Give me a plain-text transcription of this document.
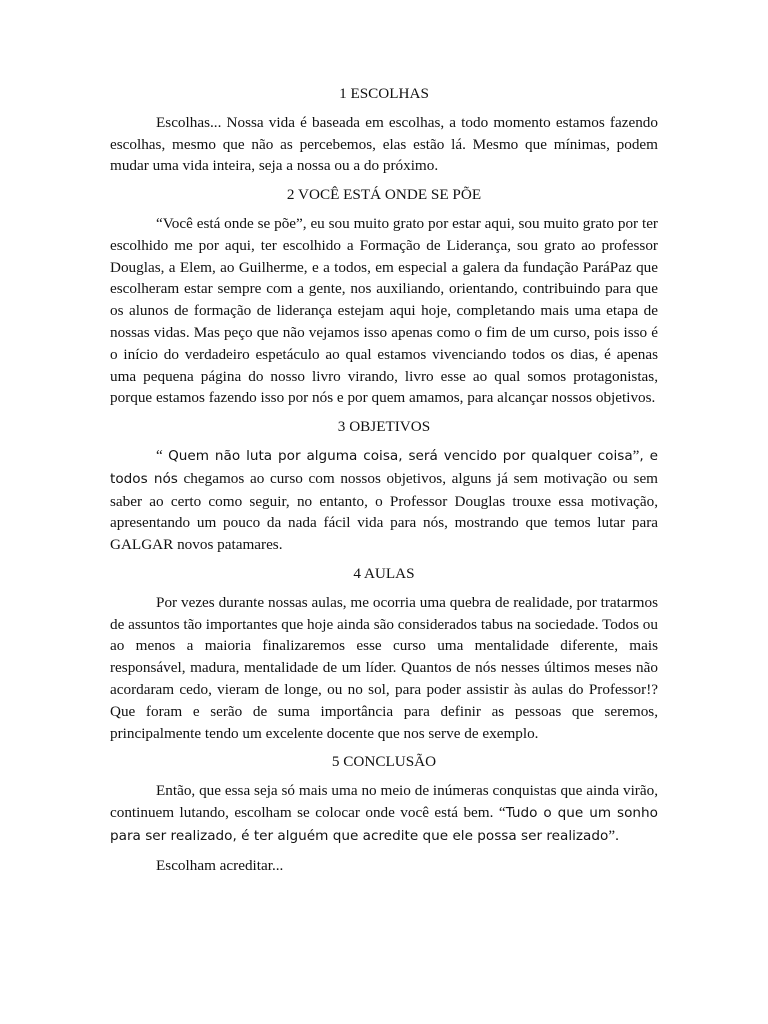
1 ESCOLHAS

Escolhas... Nossa vida é baseada em escolhas, a todo momento estamos fazendo escolhas, mesmo que não as percebemos, elas estão lá. Mesmo que mínimas, podem mudar uma vida inteira, seja a nossa ou a do próximo.

2 VOCÊ ESTÁ ONDE SE PÕE

“Você está onde se põe”, eu sou muito grato por estar aqui, sou muito grato por ter escolhido me por aqui, ter escolhido a Formação de Liderança, sou grato ao professor Douglas, a Elem, ao Guilherme, e a todos, em especial a galera da fundação ParáPaz que escolheram estar sempre com a gente, nos auxiliando, orientando, contribuindo para que os alunos de formação de liderança estejam aqui hoje, completando mais uma etapa de nossas vidas. Mas peço que não vejamos isso apenas como o fim de um curso, pois isso é o início do verdadeiro espetáculo ao qual estamos vivenciando todos os dias, é apenas uma pequena página do nosso livro virando, livro esse ao qual somos protagonistas, porque estamos fazendo isso por nós e por quem amamos, para alcançar nossos objetivos.

3 OBJETIVOS

“ Quem não luta por alguma coisa, será vencido por qualquer coisa”, e todos nós chegamos ao curso com nossos objetivos, alguns já sem motivação ou sem saber ao certo como seguir, no entanto, o Professor Douglas trouxe essa motivação, apresentando um pouco da nada fácil vida para nós, mostrando que temos lutar para GALGAR novos patamares.

4 AULAS

Por vezes durante nossas aulas, me ocorria uma quebra de realidade, por tratarmos de assuntos tão importantes que hoje ainda são considerados tabus na sociedade. Todos ou ao menos a maioria finalizaremos esse curso uma mentalidade diferente, mais responsável, madura, mentalidade de um líder. Quantos de nós nesses últimos meses não acordaram cedo, vieram de longe, ou no sol, para poder assistir às aulas do Professor!? Que foram e serão de suma importância para definir as pessoas que seremos, principalmente tendo um excelente docente que nos serve de exemplo.

5 CONCLUSÃO

Então, que essa seja só mais uma no meio de inúmeras conquistas que ainda virão, continuem lutando, escolham se colocar onde você está bem. “Tudo o que um sonho para ser realizado, é ter alguém que acredite que ele possa ser realizado”.

Escolham acreditar...
